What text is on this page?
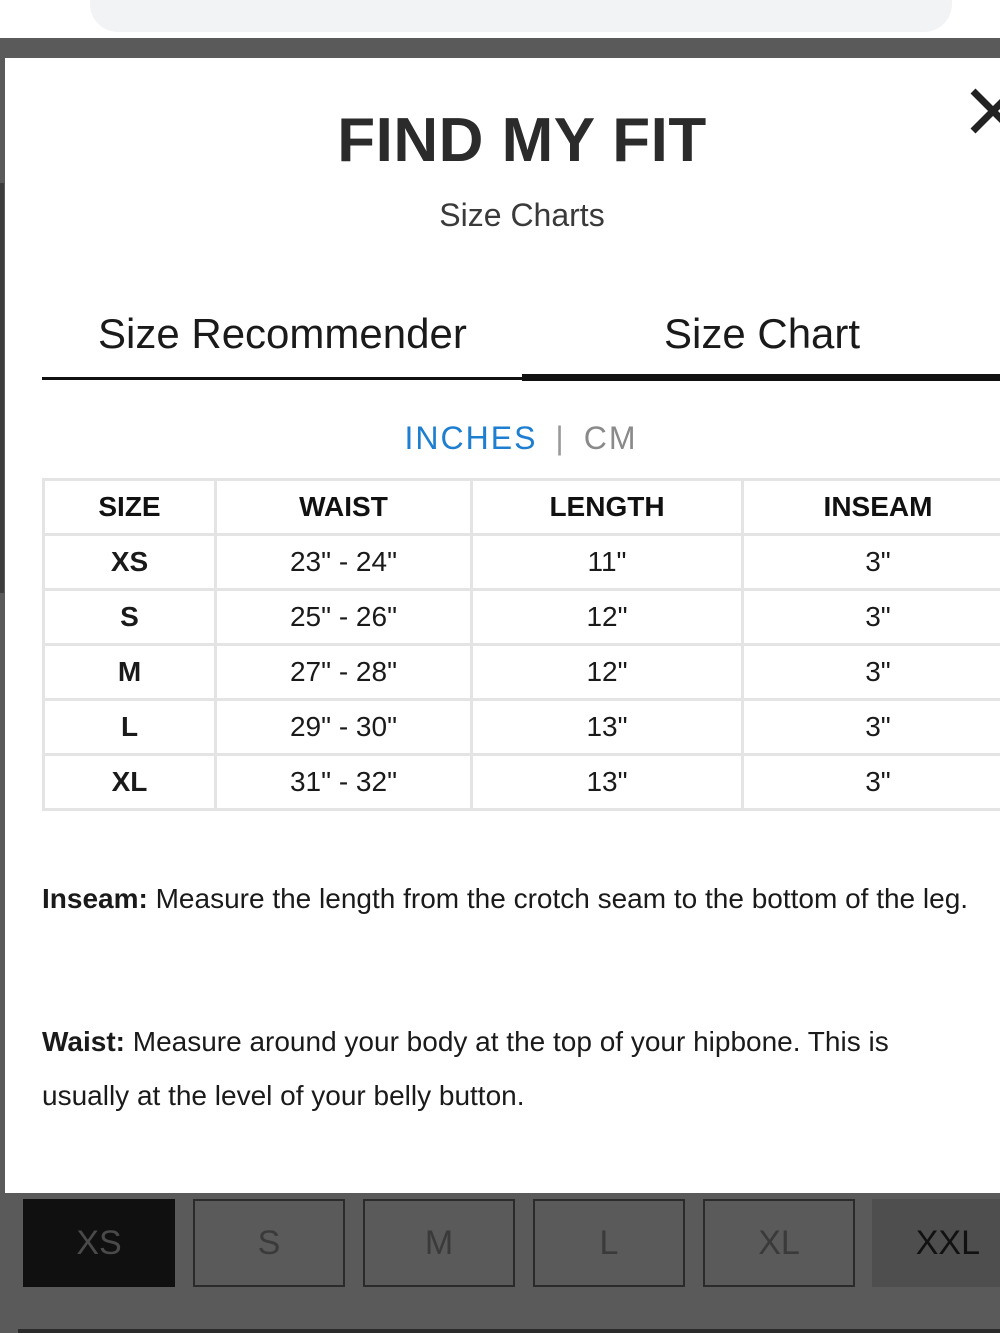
FIND MY FIT
Size Charts
Size Recommender	Size Chart
INCHES | CM
SIZE	WAIST	LENGTH	INSEAM
XS	23" - 24"	11"	3"
S	25" - 26"	12"	3"
M	27" - 28"	12"	3"
L	29" - 30"	13"	3"
XL	31" - 32"	13"	3"
Inseam: Measure the length from the crotch seam to the bottom of the leg.
Waist: Measure around your body at the top of your hipbone. This is usually at the level of your belly button.
XS	S	M	L	XL	XXL
